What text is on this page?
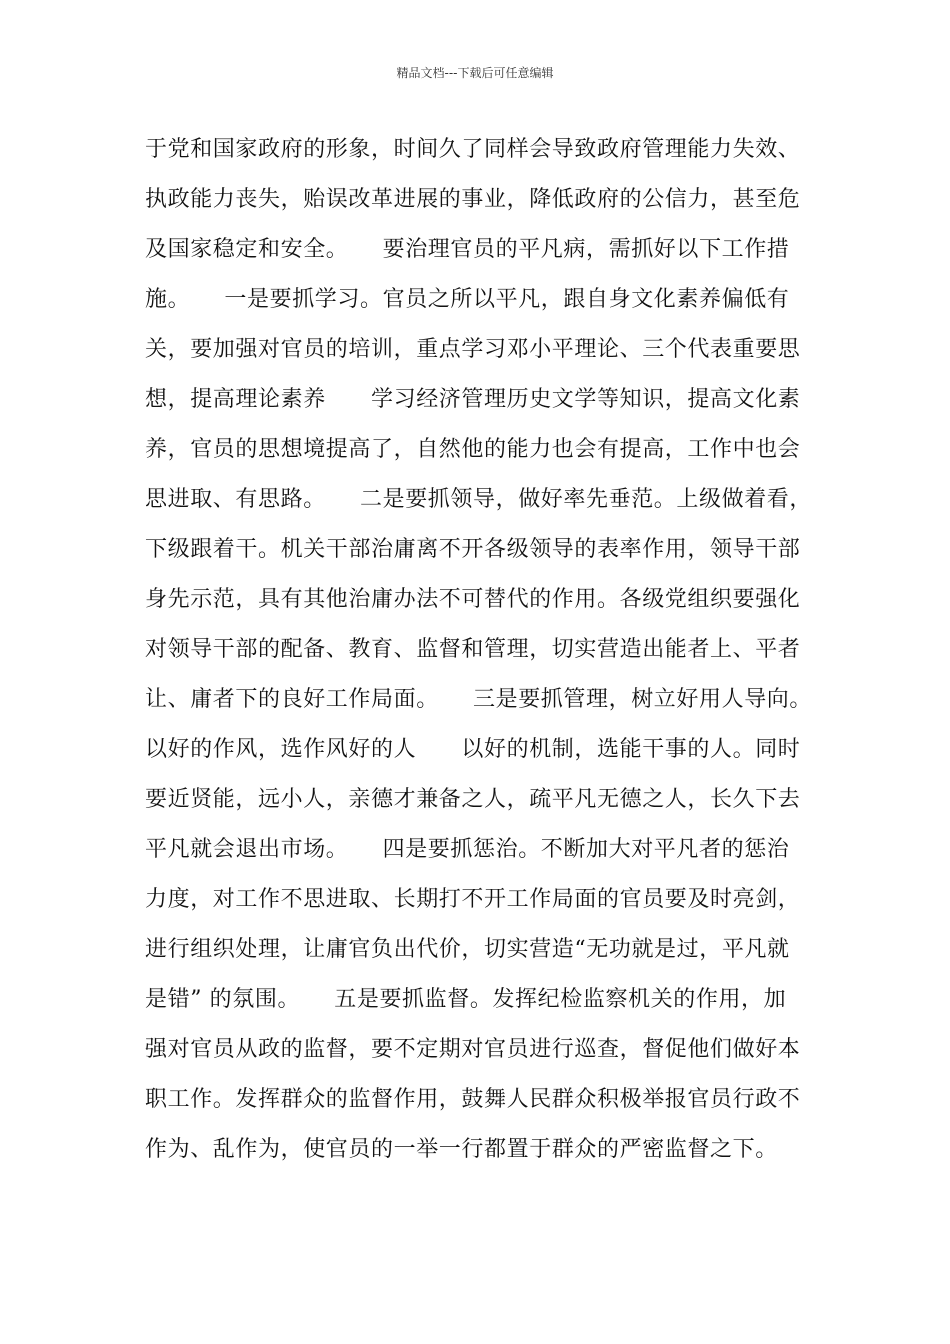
精品文档---下载后可任意编辑
于党和国家政府的形象，时间久了同样会导致政府管理能力失效、
执政能力丧失，贻误改革进展的事业，降低政府的公信力，甚至危
及国家稳定和安全。　　要治理官员的平凡病，需抓好以下工作措
施。　　一是要抓学习。官员之所以平凡，跟自身文化素养偏低有
关，要加强对官员的培训，重点学习邓小平理论、三个代表重要思
想，提高理论素养　　学习经济管理历史文学等知识，提高文化素
养，官员的思想境提高了，自然他的能力也会有提高，工作中也会
思进取、有思路。　　二是要抓领导，做好率先垂范。上级做着看，
下级跟着干。机关干部治庸离不开各级领导的表率作用，领导干部
身先示范，具有其他治庸办法不可替代的作用。各级党组织要强化
对领导干部的配备、教育、监督和管理，切实营造出能者上、平者
让、庸者下的良好工作局面。　　三是要抓管理，树立好用人导向。
以好的作风，选作风好的人　　以好的机制，选能干事的人。同时
要近贤能，远小人，亲德才兼备之人，疏平凡无德之人，长久下去
平凡就会退出市场。　　四是要抓惩治。不断加大对平凡者的惩治
力度，对工作不思进取、长期打不开工作局面的官员要及时亮剑，
进行组织处理，让庸官负出代价，切实营造“无功就是过，平凡就
是错” 的氛围。　　五是要抓监督。发挥纪检监察机关的作用，加
强对官员从政的监督，要不定期对官员进行巡查，督促他们做好本
职工作。发挥群众的监督作用，鼓舞人民群众积极举报官员行政不
作为、乱作为，使官员的一举一行都置于群众的严密监督之下。
